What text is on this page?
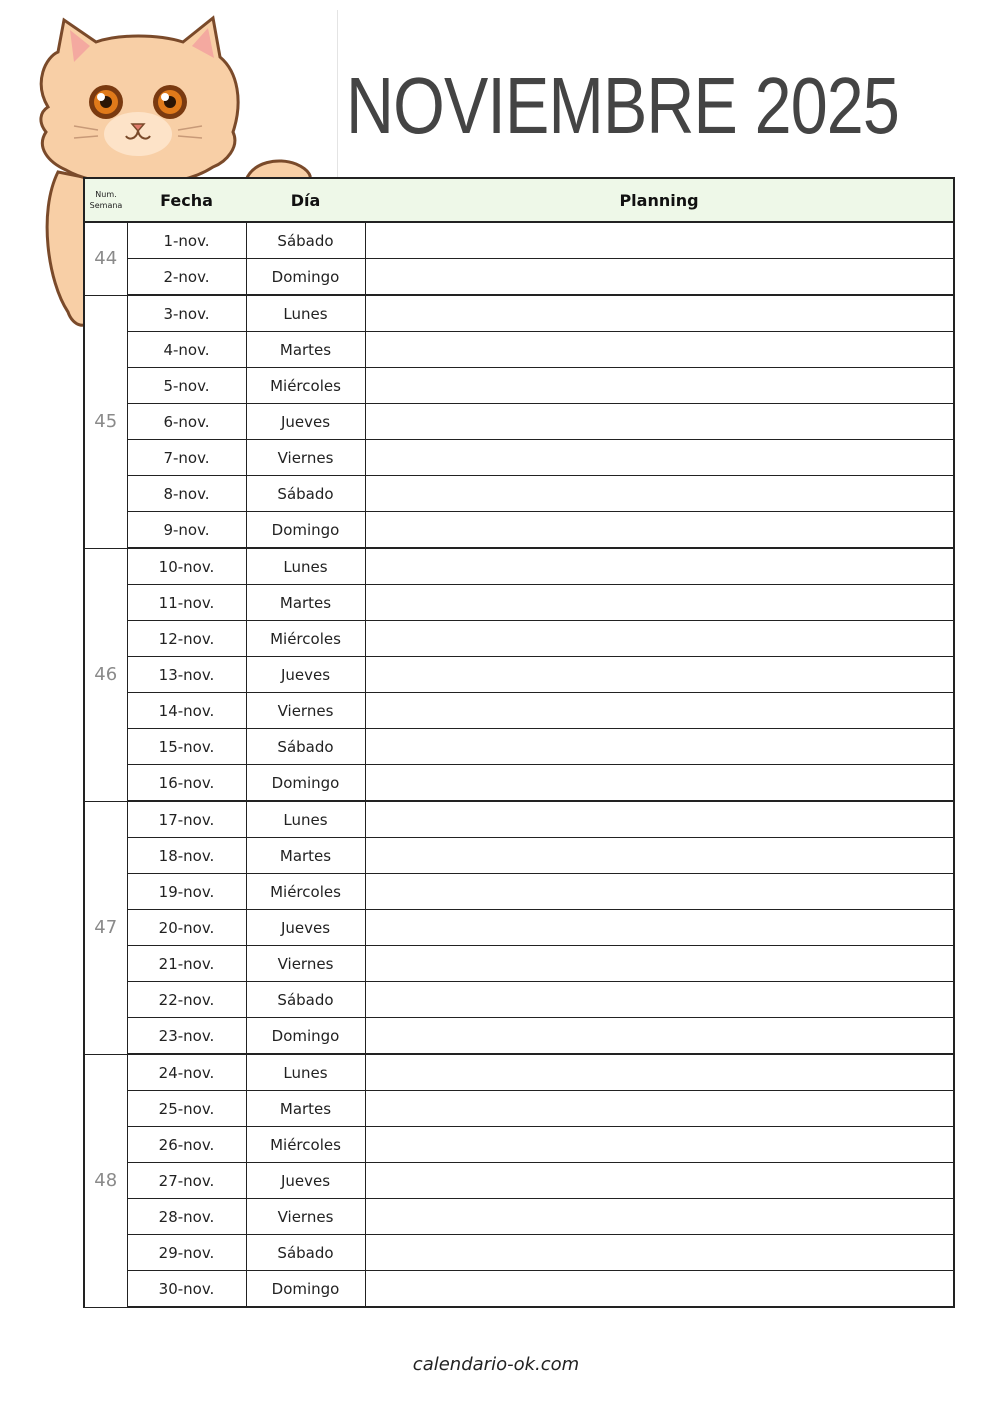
NOVIEMBRE 2025
Num.
Semana	Fecha	Día	Planning
44	1-nov.	Sábado	
	2-nov.	Domingo	
45	3-nov.	Lunes	
	4-nov.	Martes	
	5-nov.	Miércoles	
	6-nov.	Jueves	
	7-nov.	Viernes	
	8-nov.	Sábado	
	9-nov.	Domingo	
46	10-nov.	Lunes	
	11-nov.	Martes	
	12-nov.	Miércoles	
	13-nov.	Jueves	
	14-nov.	Viernes	
	15-nov.	Sábado	
	16-nov.	Domingo	
47	17-nov.	Lunes	
	18-nov.	Martes	
	19-nov.	Miércoles	
	20-nov.	Jueves	
	21-nov.	Viernes	
	22-nov.	Sábado	
	23-nov.	Domingo	
48	24-nov.	Lunes	
	25-nov.	Martes	
	26-nov.	Miércoles	
	27-nov.	Jueves	
	28-nov.	Viernes	
	29-nov.	Sábado	
	30-nov.	Domingo	
calendario-ok.com
